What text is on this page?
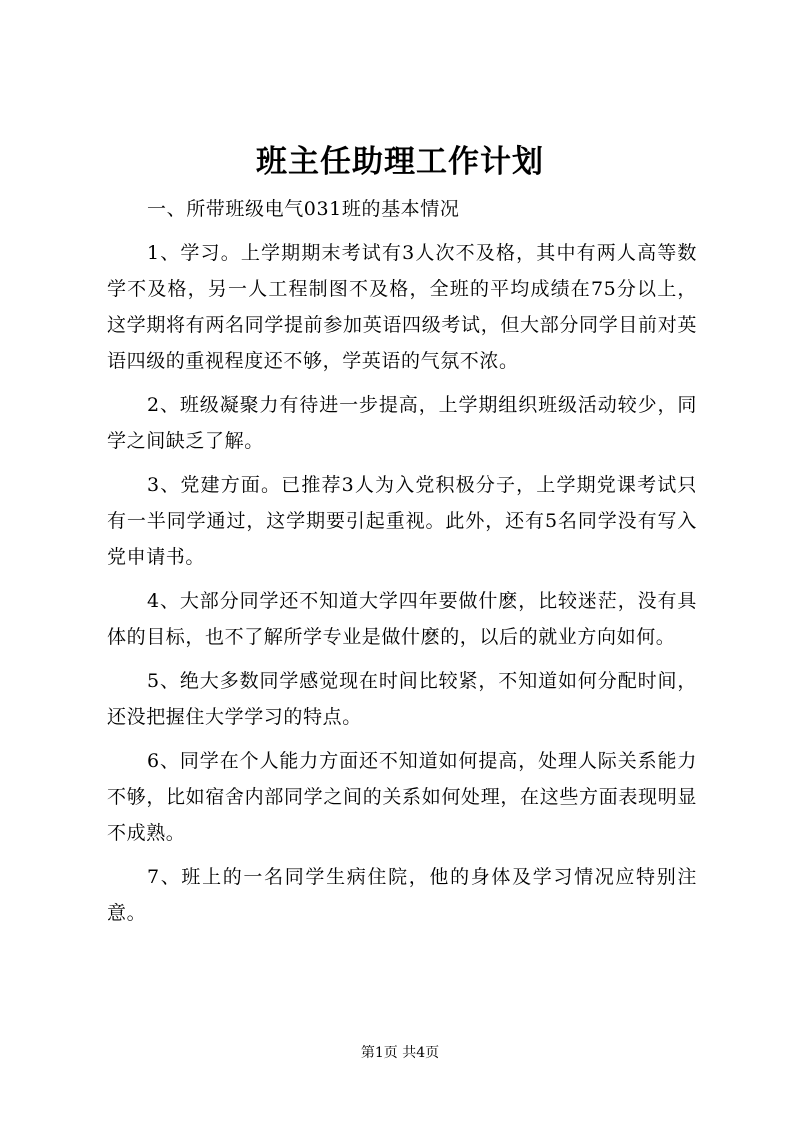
班主任助理工作计划

一、所带班级电气031班的基本情况

1、学习。上学期期末考试有3人次不及格，其中有两人高等数学不及格，另一人工程制图不及格，全班的平均成绩在75分以上，这学期将有两名同学提前参加英语四级考试，但大部分同学目前对英语四级的重视程度还不够，学英语的气氛不浓。

2、班级凝聚力有待进一步提高，上学期组织班级活动较少，同学之间缺乏了解。

3、党建方面。已推荐3人为入党积极分子，上学期党课考试只有一半同学通过，这学期要引起重视。此外，还有5名同学没有写入党申请书。

4、大部分同学还不知道大学四年要做什麽，比较迷茫，没有具体的目标，也不了解所学专业是做什麽的，以后的就业方向如何。

5、绝大多数同学感觉现在时间比较紧，不知道如何分配时间，还没把握住大学学习的特点。

6、同学在个人能力方面还不知道如何提高，处理人际关系能力不够，比如宿舍内部同学之间的关系如何处理，在这些方面表现明显不成熟。

7、班上的一名同学生病住院，他的身体及学习情况应特别注意。

第1页 共4页
